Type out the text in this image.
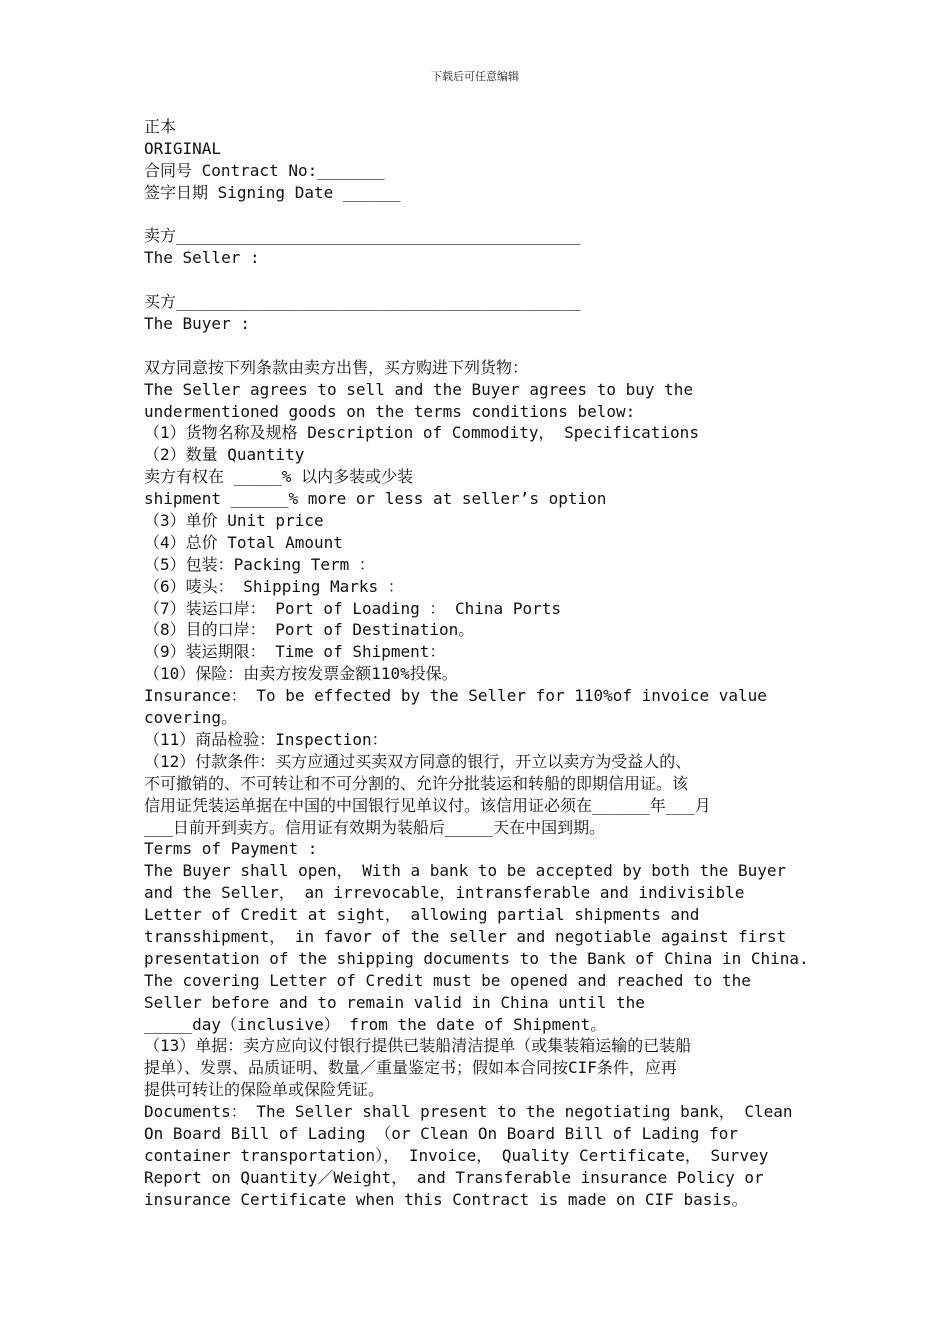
下载后可任意编辑
正本
ORIGINAL
合同号 Contract No:_______
签字日期 Signing Date ______
卖方__________________________________________
The Seller :
买方__________________________________________
The Buyer :
双方同意按下列条款由卖方出售，买方购进下列货物：
The Seller agrees to sell and the Buyer agrees to buy the
undermentioned goods on the terms conditions below:
（1）货物名称及规格 Description of Commodity， Specifications
（2）数量 Quantity
卖方有权在 _____% 以内多装或少装
shipment ______% more or less at seller’s option
（3）单价 Unit price
（4）总价 Total Amount
（5）包装：Packing Term ：
（6）唛头： Shipping Marks ：
（7）装运口岸： Port of Loading ： China Ports
（8）目的口岸： Port of Destination。
（9）装运期限： Time of Shipment：
（10）保险：由卖方按发票金额110%投保。
Insurance： To be effected by the Seller for 110%of invoice value
covering。
（11）商品检验：Inspection：
（12）付款条件：买方应通过买卖双方同意的银行，开立以卖方为受益人的、
不可撤销的、不可转让和不可分割的、允许分批装运和转船的即期信用证。该
信用证凭装运单据在中国的中国银行见单议付。该信用证必须在______年___月
___日前开到卖方。信用证有效期为装船后_____天在中国到期。
Terms of Payment :
The Buyer shall open， With a bank to be accepted by both the Buyer
and the Seller， an irrevocable，intransferable and indivisible
Letter of Credit at sight， allowing partial shipments and
transshipment， in favor of the seller and negotiable against first
presentation of the shipping documents to the Bank of China in China.
The covering Letter of Credit must be opened and reached to the
Seller before and to remain valid in China until the
_____day（inclusive） from the date of Shipment。
（13）单据：卖方应向议付银行提供已装船清洁提单（或集装箱运输的已装船
提单）、发票、品质证明、数量／重量鉴定书；假如本合同按CIF条件，应再
提供可转让的保险单或保险凭证。
Documents： The Seller shall present to the negotiating bank， Clean
On Board Bill of Lading （or Clean On Board Bill of Lading for
container transportation）， Invoice， Quality Certificate， Survey
Report on Quantity／Weight， and Transferable insurance Policy or
insurance Certificate when this Contract is made on CIF basis。
